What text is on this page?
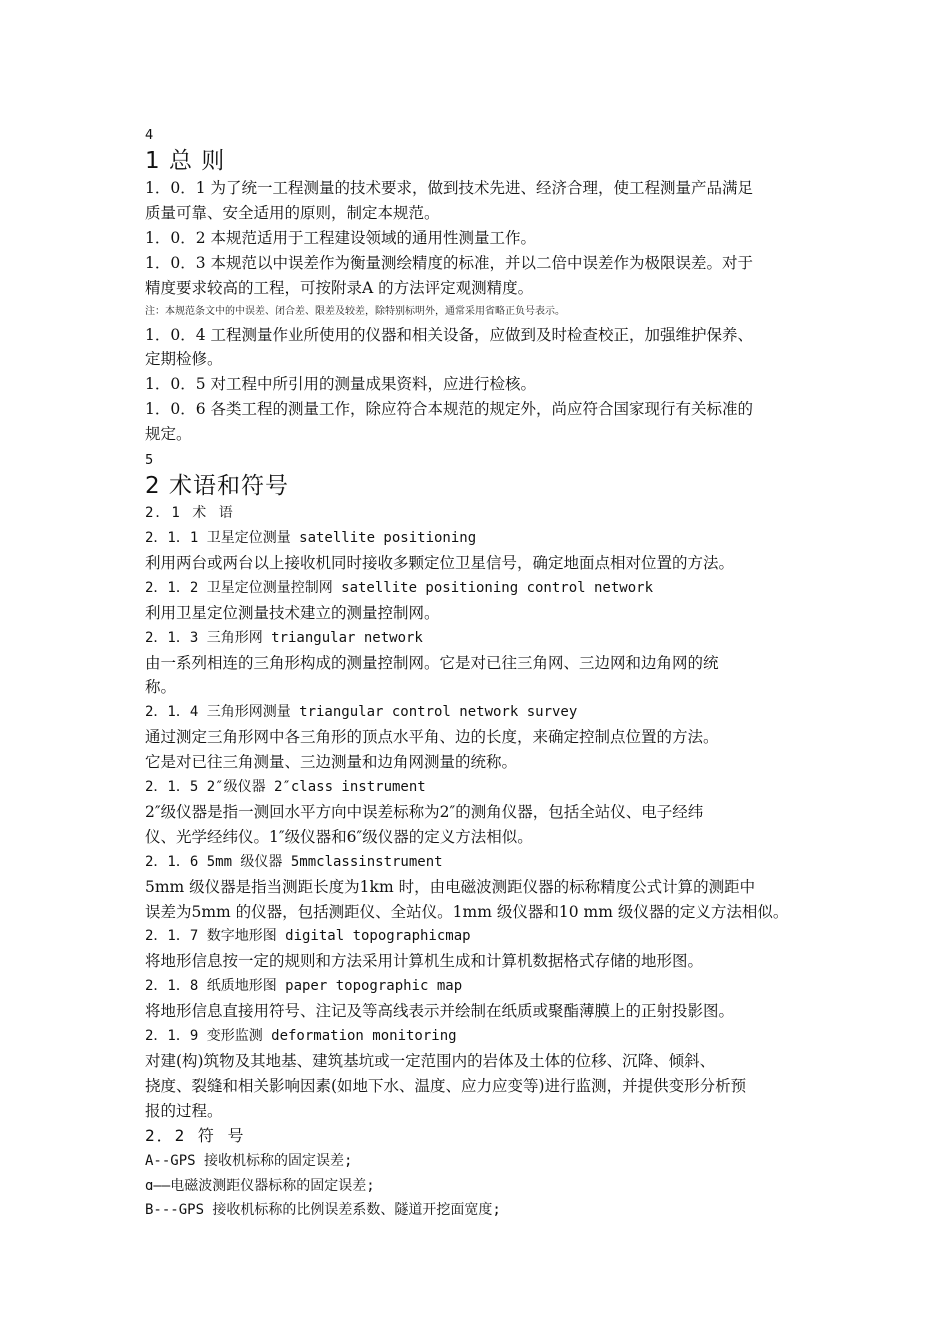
4
1 总 则
1．0．1 为了统一工程测量的技术要求，做到技术先进、经济合理，使工程测量产品满足
质量可靠、安全适用的原则，制定本规范。
1．0．2 本规范适用于工程建设领域的通用性测量工作。
1．0．3 本规范以中误差作为衡量测绘精度的标准，并以二倍中误差作为极限误差。对于
精度要求较高的工程，可按附录A 的方法评定观测精度。
注：本规范条文中的中误差、闭合差、限差及较差，除特别标明外，通常采用省略正负号表示。
1．0．4 工程测量作业所使用的仪器和相关设备，应做到及时检查校正，加强维护保养、
定期检修。
1．0．5 对工程中所引用的测量成果资料，应进行检核。
1．0．6 各类工程的测量工作，除应符合本规范的规定外，尚应符合国家现行有关标准的
规定。
5
2 术语和符号
2．1 术 语
2．1．1 卫星定位测量 satellite positioning
利用两台或两台以上接收机同时接收多颗定位卫星信号，确定地面点相对位置的方法。
2．1．2 卫星定位测量控制网 satellite positioning control network
利用卫星定位测量技术建立的测量控制网。
2．1．3 三角形网 triangular network
由一系列相连的三角形构成的测量控制网。它是对已往三角网、三边网和边角网的统
称。
2．1．4 三角形网测量 triangular control network survey
通过测定三角形网中各三角形的顶点水平角、边的长度，来确定控制点位置的方法。
它是对已往三角测量、三边测量和边角网测量的统称。
2．1．5 2″级仪器 2″class instrument
2″级仪器是指一测回水平方向中误差标称为2″的测角仪器，包括全站仪、电子经纬
仪、光学经纬仪。1″级仪器和6″级仪器的定义方法相似。
2．1．6 5mm 级仪器 5mmclassinstrument
5mm 级仪器是指当测距长度为1km 时，由电磁波测距仪器的标称精度公式计算的测距中
误差为5mm 的仪器，包括测距仪、全站仪。1mm 级仪器和10 mm 级仪器的定义方法相似。
2．1．7 数字地形图 digital topographicmap
将地形信息按一定的规则和方法采用计算机生成和计算机数据格式存储的地形图。
2．1．8 纸质地形图 paper topographic map
将地形信息直接用符号、注记及等高线表示并绘制在纸质或聚酯薄膜上的正射投影图。
2．1．9 变形监测 deformation monitoring
对建(构)筑物及其地基、建筑基坑或一定范围内的岩体及土体的位移、沉降、倾斜、
挠度、裂缝和相关影响因素(如地下水、温度、应力应变等)进行监测，并提供变形分析预
报的过程。
2．2 符 号
A--GPS 接收机标称的固定误差;
ɑ——电磁波测距仪器标称的固定误差;
B---GPS 接收机标称的比例误差系数、隧道开挖面宽度;
